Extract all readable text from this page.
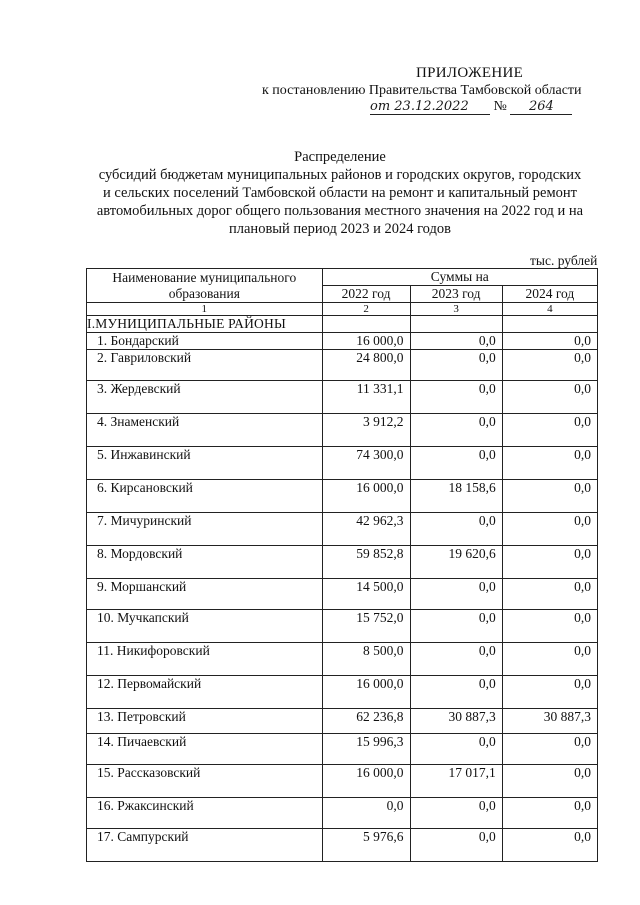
ПРИЛОЖЕНИЕ
к постановлению Правительства Тамбовской области
от 23.12.2022 № 264
Распределение
субсидий бюджетам муниципальных районов и городских округов, городских
и сельских поселений Тамбовской области на ремонт и капитальный ремонт
автомобильных дорог общего пользования местного значения на 2022 год и на
плановый период 2023 и 2024 годов
тыс. рублей
Наименование муниципального образования	Суммы на		
	2022 год	2023 год	2024 год
1	2	3	4
I.МУНИЦИПАЛЬНЫЕ РАЙОНЫ			
1. Бондарский	16 000,0	0,0	0,0
2. Гавриловский	24 800,0	0,0	0,0
3. Жердевский	11 331,1	0,0	0,0
4. Знаменский	3 912,2	0,0	0,0
5. Инжавинский	74 300,0	0,0	0,0
6. Кирсановский	16 000,0	18 158,6	0,0
7. Мичуринский	42 962,3	0,0	0,0
8. Мордовский	59 852,8	19 620,6	0,0
9. Моршанский	14 500,0	0,0	0,0
10. Мучкапский	15 752,0	0,0	0,0
11. Никифоровский	8 500,0	0,0	0,0
12. Первомайский	16 000,0	0,0	0,0
13. Петровский	62 236,8	30 887,3	30 887,3
14. Пичаевский	15 996,3	0,0	0,0
15. Рассказовский	16 000,0	17 017,1	0,0
16. Ржаксинский	0,0	0,0	0,0
17. Сампурский	5 976,6	0,0	0,0
